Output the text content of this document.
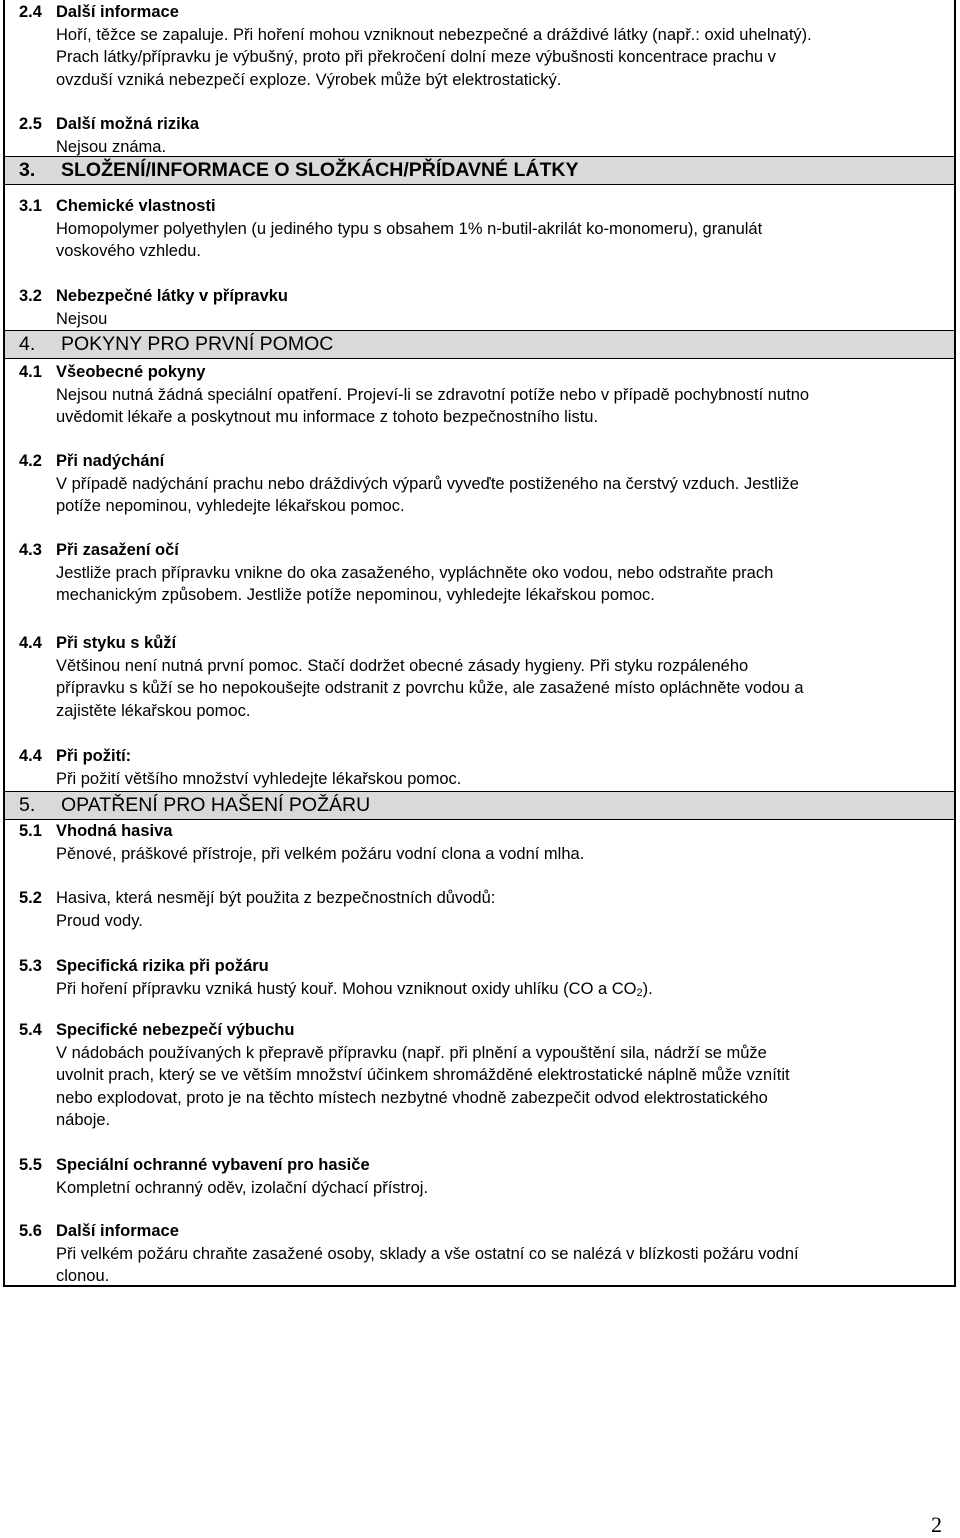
2.4 Další informace
Hoří, těžce se zapaluje. Při hoření mohou vzniknout nebezpečné a dráždivé látky (např.: oxid uhelnatý).
Prach látky/přípravku je výbušný, proto při překročení dolní meze výbušnosti koncentrace prachu v
ovzduší vzniká nebezpečí exploze. Výrobek může být elektrostatický.
2.5 Další možná rizika
Nejsou známa.
3. SLOŽENÍ/INFORMACE O SLOŽKÁCH/PŘÍDAVNÉ LÁTKY
3.1 Chemické vlastnosti
Homopolymer polyethylen (u jediného typu s obsahem 1% n-butil-akrilát ko-monomeru), granulát
voskového vzhledu.
3.2 Nebezpečné látky v přípravku
Nejsou
4. POKYNY PRO PRVNÍ POMOC
4.1 Všeobecné pokyny
Nejsou nutná žádná speciální opatření. Projeví-li se zdravotní potíže nebo v případě pochybností nutno
uvědomit lékaře a poskytnout mu informace z tohoto bezpečnostního listu.
4.2 Při nadýchání
V případě nadýchání prachu nebo dráždivých výparů vyveďte postiženého na čerstvý vzduch. Jestliže
potíže nepominou, vyhledejte lékařskou pomoc.
4.3 Při zasažení očí
Jestliže prach přípravku vnikne do oka zasaženého, vypláchněte oko vodou, nebo odstraňte prach
mechanickým způsobem. Jestliže potíže nepominou, vyhledejte lékařskou pomoc.
4.4 Při styku s kůží
Většinou není nutná první pomoc. Stačí dodržet obecné zásady hygieny. Při styku rozpáleného
přípravku s kůží se ho nepokoušejte odstranit z povrchu kůže, ale zasažené místo opláchněte vodou a
zajistěte lékařskou pomoc.
4.4 Při požití:
Při požití většího množství vyhledejte lékařskou pomoc.
5. OPATŘENÍ PRO HAŠENÍ POŽÁRU
5.1 Vhodná hasiva
Pěnové, práškové přístroje, při velkém požáru vodní clona a vodní mlha.
5.2 Hasiva, která nesmějí být použita z bezpečnostních důvodů:
Proud vody.
5.3 Specifická rizika při požáru
Při hoření přípravku vzniká hustý kouř. Mohou vzniknout oxidy uhlíku (CO a $CO_2$).
5.4 Specifické nebezpečí výbuchu
V nádobách používaných k přepravě přípravku (např. při plnění a vypouštění sila, nádrží se může
uvolnit prach, který se ve větším množství účinkem shromážděné elektrostatické náplně může vznítit
nebo explodovat, proto je na těchto místech nezbytné vhodně zabezpečit odvod elektrostatického
náboje.
5.5 Speciální ochranné vybavení pro hasiče
Kompletní ochranný oděv, izolační dýchací přístroj.
5.6 Další informace
Při velkém požáru chraňte zasažené osoby, sklady a vše ostatní co se nalézá v blízkosti požáru vodní
clonou.
2
